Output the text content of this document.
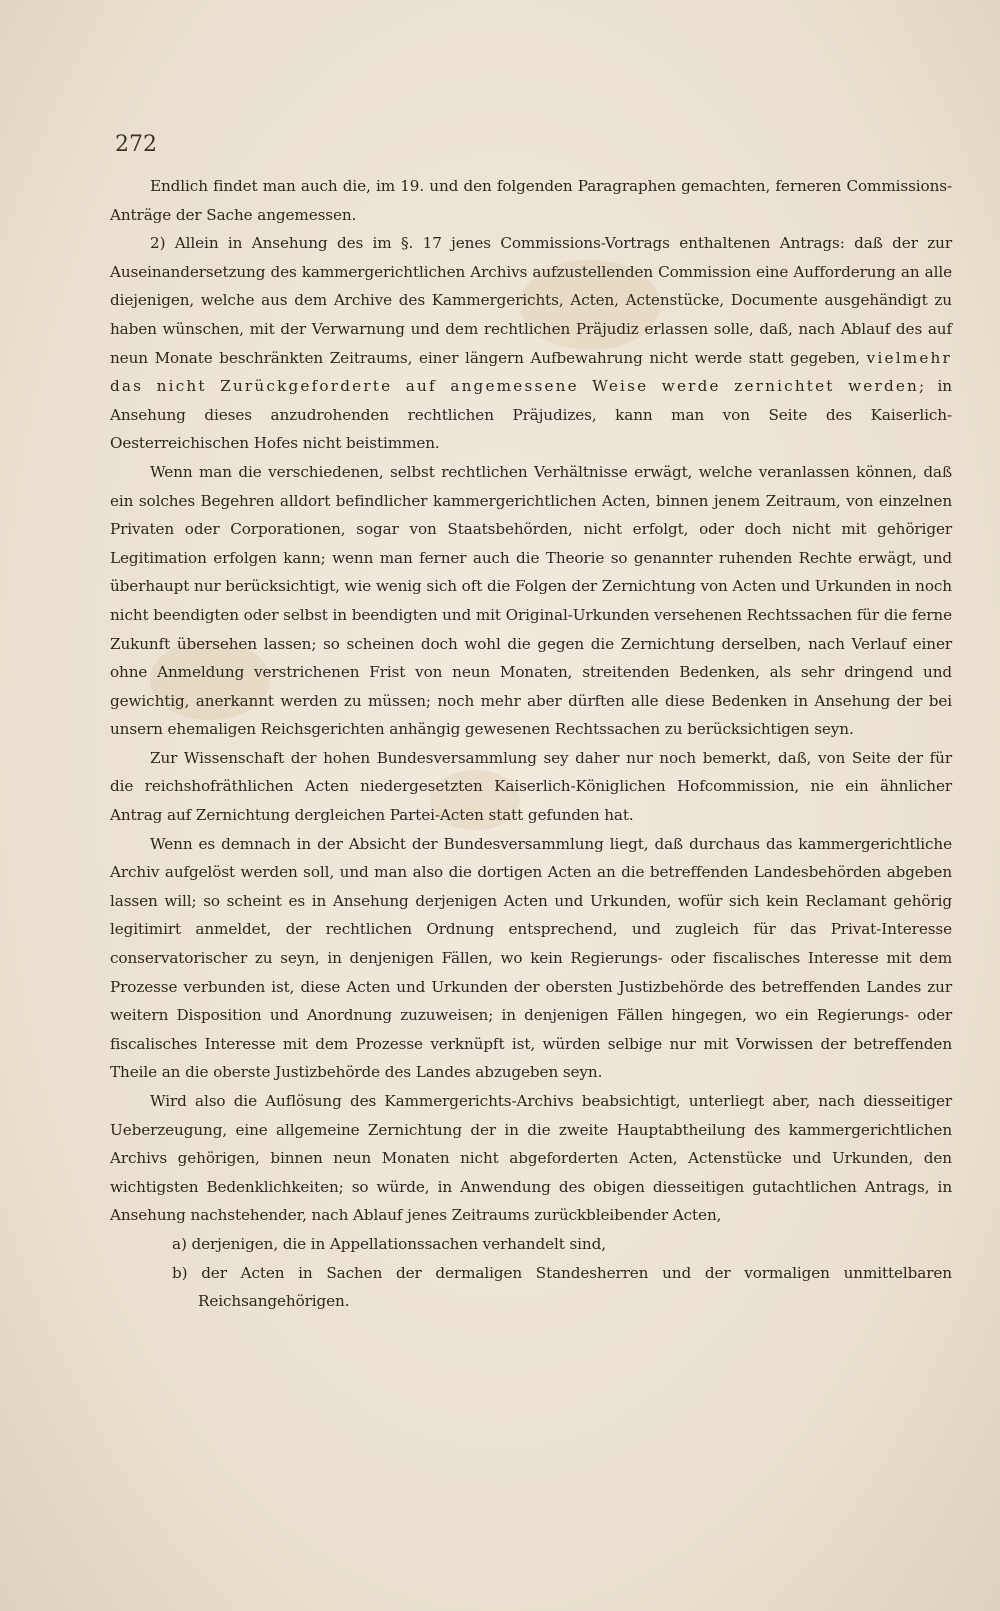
272

Endlich findet man auch die, im 19. und den folgenden Paragraphen gemachten, ferneren Commissions-Anträge der Sache angemessen.

2) Allein in Ansehung des im §. 17 jenes Commissions-Vortrags enthaltenen Antrags: daß der zur Auseinandersetzung des kammergerichtlichen Archivs aufzustellenden Commission eine Aufforderung an alle diejenigen, welche aus dem Archive des Kammergerichts, Acten, Actenstücke, Documente ausgehändigt zu haben wünschen, mit der Verwarnung und dem rechtlichen Präjudiz erlassen solle, daß, nach Ablauf des auf neun Monate beschränkten Zeitraums, einer längern Aufbewahrung nicht werde statt gegeben, vielmehr das nicht Zurückgeforderte auf angemessene Weise werde zernichtet werden; in Ansehung dieses anzudrohenden rechtlichen Präjudizes, kann man von Seite des Kaiserlich-Oesterreichischen Hofes nicht beistimmen.

Wenn man die verschiedenen, selbst rechtlichen Verhältnisse erwägt, welche veranlassen können, daß ein solches Begehren alldort befindlicher kammergerichtlichen Acten, binnen jenem Zeitraum, von einzelnen Privaten oder Corporationen, sogar von Staatsbehörden, nicht erfolgt, oder doch nicht mit gehöriger Legitimation erfolgen kann; wenn man ferner auch die Theorie so genannter ruhenden Rechte erwägt, und überhaupt nur berücksichtigt, wie wenig sich oft die Folgen der Zernichtung von Acten und Urkunden in noch nicht beendigten oder selbst in beendigten und mit Original-Urkunden versehenen Rechtssachen für die ferne Zukunft übersehen lassen; so scheinen doch wohl die gegen die Zernichtung derselben, nach Verlauf einer ohne Anmeldung verstrichenen Frist von neun Monaten, streitenden Bedenken, als sehr dringend und gewichtig, anerkannt werden zu müssen; noch mehr aber dürften alle diese Bedenken in Ansehung der bei unsern ehemaligen Reichsgerichten anhängig gewesenen Rechtssachen zu berücksichtigen seyn.

Zur Wissenschaft der hohen Bundesversammlung sey daher nur noch bemerkt, daß, von Seite der für die reichshofräthlichen Acten niedergesetzten Kaiserlich-Königlichen Hofcommission, nie ein ähnlicher Antrag auf Zernichtung dergleichen Partei-Acten statt gefunden hat.

Wenn es demnach in der Absicht der Bundesversammlung liegt, daß durchaus das kammergerichtliche Archiv aufgelöst werden soll, und man also die dortigen Acten an die betreffenden Landesbehörden abgeben lassen will; so scheint es in Ansehung derjenigen Acten und Urkunden, wofür sich kein Reclamant gehörig legitimirt anmeldet, der rechtlichen Ordnung entsprechend, und zugleich für das Privat-Interesse conservatorischer zu seyn, in denjenigen Fällen, wo kein Regierungs- oder fiscalisches Interesse mit dem Prozesse verbunden ist, diese Acten und Urkunden der obersten Justizbehörde des betreffenden Landes zur weitern Disposition und Anordnung zuzuweisen; in denjenigen Fällen hingegen, wo ein Regierungs- oder fiscalisches Interesse mit dem Prozesse verknüpft ist, würden selbige nur mit Vorwissen der betreffenden Theile an die oberste Justizbehörde des Landes abzugeben seyn.

Wird also die Auflösung des Kammergerichts-Archivs beabsichtigt, unterliegt aber, nach diesseitiger Ueberzeugung, eine allgemeine Zernichtung der in die zweite Hauptabtheilung des kammergerichtlichen Archivs gehörigen, binnen neun Monaten nicht abgeforderten Acten, Actenstücke und Urkunden, den wichtigsten Bedenklichkeiten; so würde, in Anwendung des obigen diesseitigen gutachtlichen Antrags, in Ansehung nachstehender, nach Ablauf jenes Zeitraums zurückbleibender Acten,

a) derjenigen, die in Appellationssachen verhandelt sind,
b) der Acten in Sachen der dermaligen Standesherren und der vormaligen unmittelbaren Reichsangehörigen.
